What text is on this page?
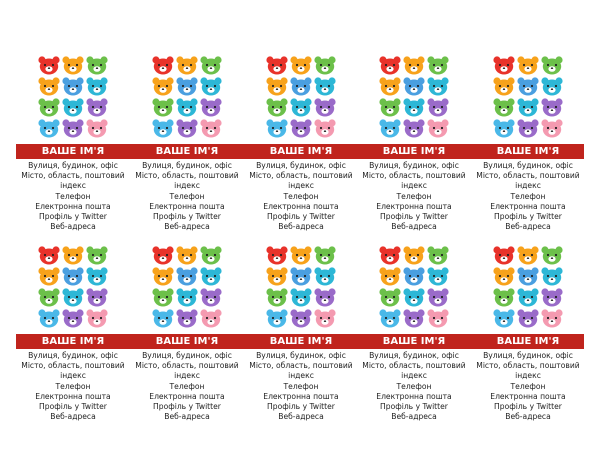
ВАШЕ ІМ'Я
Вулиця, будинок, офіс
Місто, область, поштовий
індекс
Телефон
Електронна пошта
Профіль у Twitter
Веб-адреса
ВАШЕ ІМ'Я
Вулиця, будинок, офіс
Місто, область, поштовий
індекс
Телефон
Електронна пошта
Профіль у Twitter
Веб-адреса
ВАШЕ ІМ'Я
Вулиця, будинок, офіс
Місто, область, поштовий
індекс
Телефон
Електронна пошта
Профіль у Twitter
Веб-адреса
ВАШЕ ІМ'Я
Вулиця, будинок, офіс
Місто, область, поштовий
індекс
Телефон
Електронна пошта
Профіль у Twitter
Веб-адреса
ВАШЕ ІМ'Я
Вулиця, будинок, офіс
Місто, область, поштовий
індекс
Телефон
Електронна пошта
Профіль у Twitter
Веб-адреса
ВАШЕ ІМ'Я
Вулиця, будинок, офіс
Місто, область, поштовий
індекс
Телефон
Електронна пошта
Профіль у Twitter
Веб-адреса
ВАШЕ ІМ'Я
Вулиця, будинок, офіс
Місто, область, поштовий
індекс
Телефон
Електронна пошта
Профіль у Twitter
Веб-адреса
ВАШЕ ІМ'Я
Вулиця, будинок, офіс
Місто, область, поштовий
індекс
Телефон
Електронна пошта
Профіль у Twitter
Веб-адреса
ВАШЕ ІМ'Я
Вулиця, будинок, офіс
Місто, область, поштовий
індекс
Телефон
Електронна пошта
Профіль у Twitter
Веб-адреса
ВАШЕ ІМ'Я
Вулиця, будинок, офіс
Місто, область, поштовий
індекс
Телефон
Електронна пошта
Профіль у Twitter
Веб-адреса
